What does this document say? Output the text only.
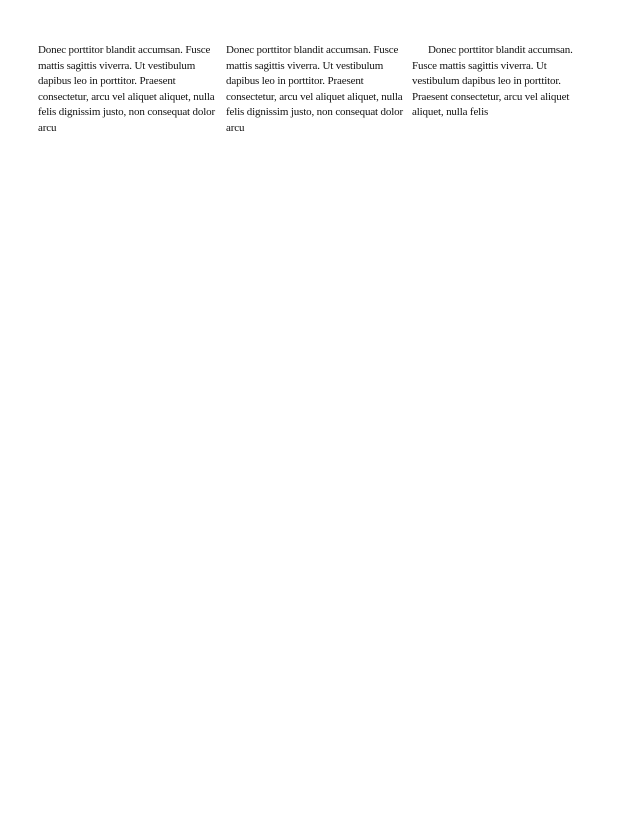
Donec porttitor blandit accumsan. Fusce mattis sagittis viverra. Ut vestibulum dapibus leo in porttitor. Praesent consectetur, arcu vel aliquet aliquet, nulla felis dignissim justo, non consequat dolor arcu

Donec porttitor blandit accumsan. Fusce mattis sagittis viverra. Ut vestibulum dapibus leo in porttitor. Praesent consectetur, arcu vel aliquet aliquet, nulla felis dignissim justo, non consequat dolor arcu

Donec porttitor blandit accumsan. Fusce mattis sagittis viverra. Ut vestibulum dapibus leo in porttitor. Praesent consectetur, arcu vel aliquet aliquet, nulla felis
